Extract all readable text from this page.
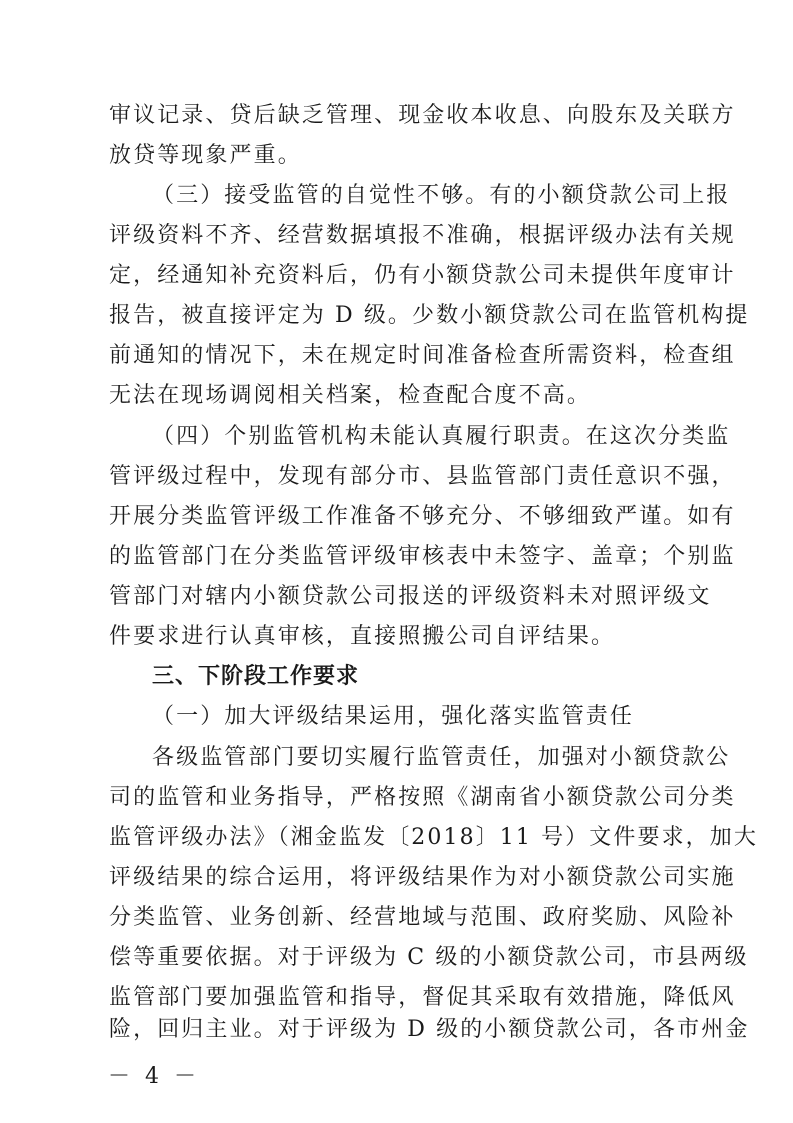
审议记录、贷后缺乏管理、现金收本收息、向股东及关联方
放贷等现象严重。
（三）接受监管的自觉性不够。有的小额贷款公司上报
评级资料不齐、经营数据填报不准确，根据评级办法有关规
定，经通知补充资料后，仍有小额贷款公司未提供年度审计
报告，被直接评定为 D 级。少数小额贷款公司在监管机构提
前通知的情况下，未在规定时间准备检查所需资料，检查组
无法在现场调阅相关档案，检查配合度不高。
（四）个别监管机构未能认真履行职责。在这次分类监
管评级过程中，发现有部分市、县监管部门责任意识不强，
开展分类监管评级工作准备不够充分、不够细致严谨。如有
的监管部门在分类监管评级审核表中未签字、盖章；个别监
管部门对辖内小额贷款公司报送的评级资料未对照评级文
件要求进行认真审核，直接照搬公司自评结果。
三、下阶段工作要求
（一）加大评级结果运用，强化落实监管责任
各级监管部门要切实履行监管责任，加强对小额贷款公
司的监管和业务指导，严格按照《湖南省小额贷款公司分类
监管评级办法》（湘金监发〔2018〕11 号）文件要求，加大
评级结果的综合运用，将评级结果作为对小额贷款公司实施
分类监管、业务创新、经营地域与范围、政府奖励、风险补
偿等重要依据。对于评级为 C 级的小额贷款公司，市县两级
监管部门要加强监管和指导，督促其采取有效措施，降低风
－ 4 －
险，回归主业。对于评级为 D 级的小额贷款公司，各市州金
